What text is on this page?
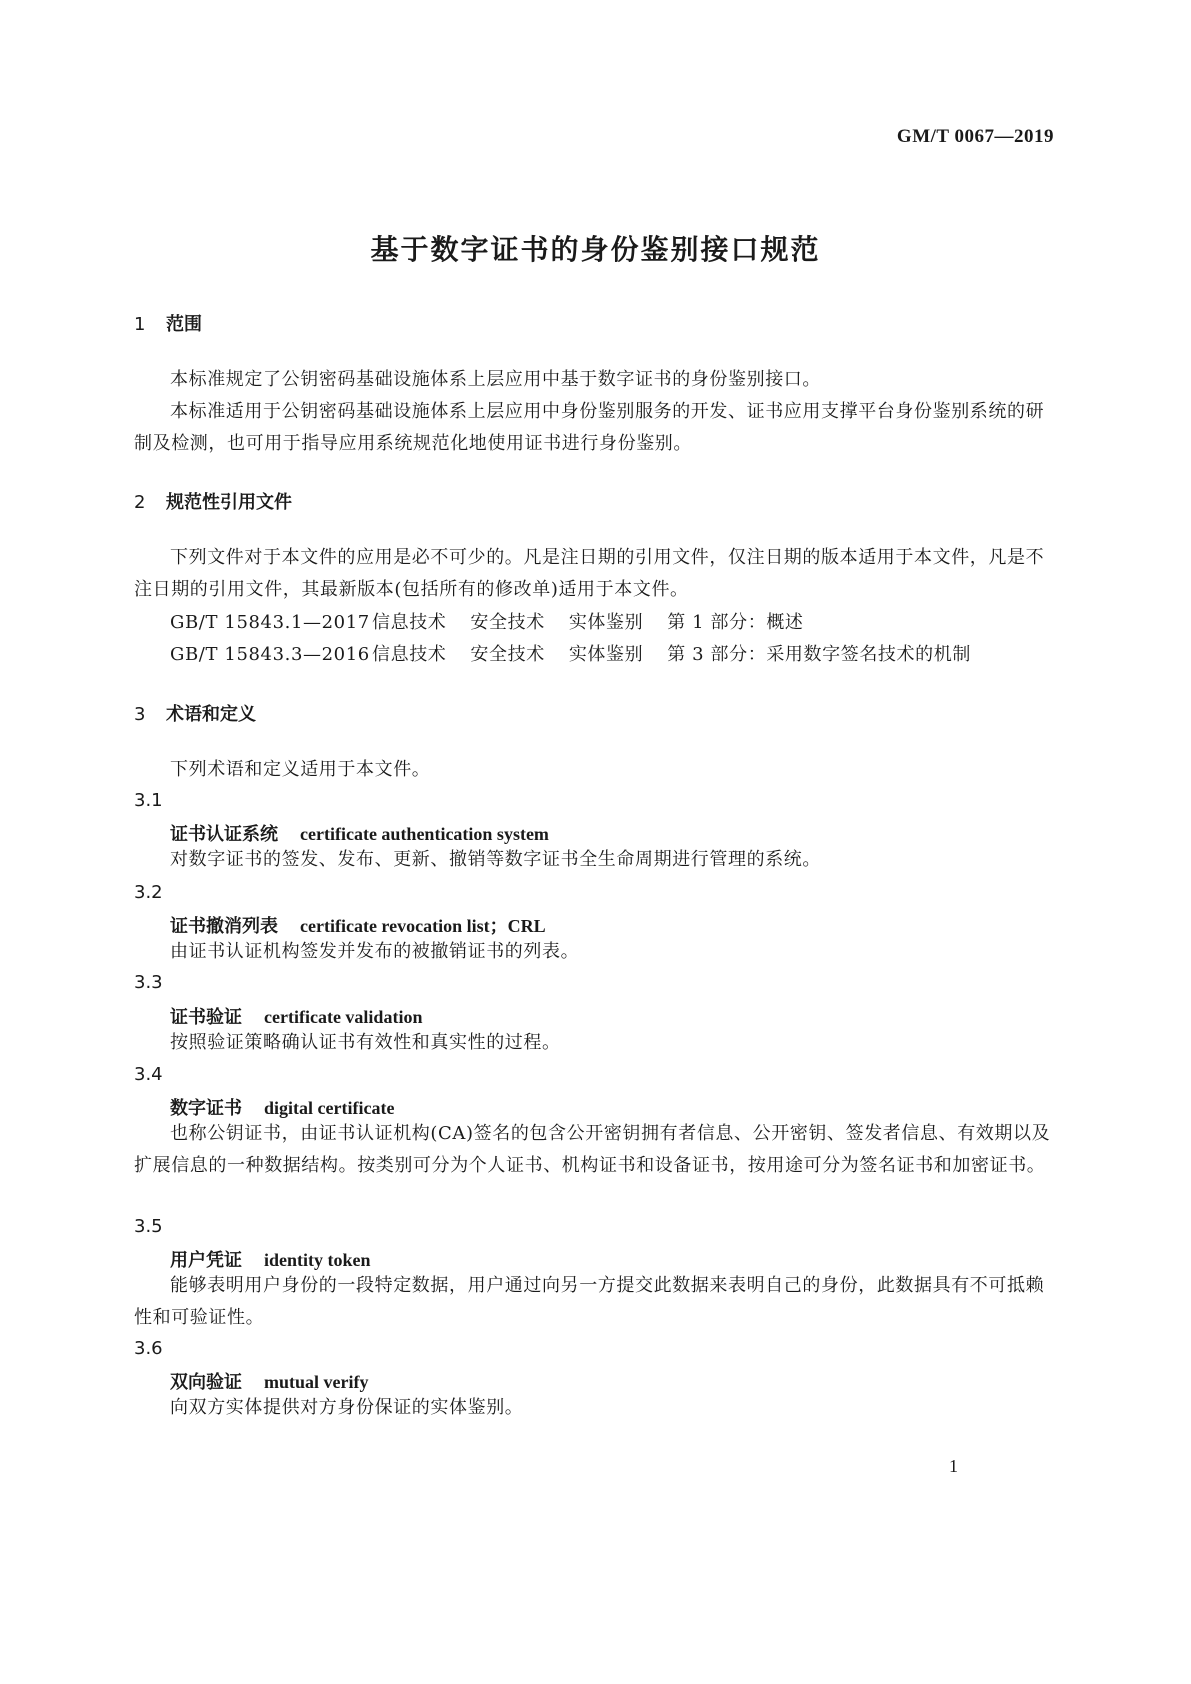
GM/T 0067—2019
基于数字证书的身份鉴别接口规范
1 范围

本标准规定了公钥密码基础设施体系上层应用中基于数字证书的身份鉴别接口。

本标准适用于公钥密码基础设施体系上层应用中身份鉴别服务的开发、证书应用支撑平台身份鉴别系统的研制及检测，也可用于指导应用系统规范化地使用证书进行身份鉴别。

2 规范性引用文件

下列文件对于本文件的应用是必不可少的。凡是注日期的引用文件，仅注日期的版本适用于本文件，凡是不注日期的引用文件，其最新版本(包括所有的修改单)适用于本文件。

GB/T 15843.1—2017 信息技术 安全技术 实体鉴别 第 1 部分：概述
GB/T 15843.3—2016 信息技术 安全技术 实体鉴别 第 3 部分：采用数字签名技术的机制
3 术语和定义

下列术语和定义适用于本文件。

3.1
证书认证系统 certificate authentication system

对数字证书的签发、发布、更新、撤销等数字证书全生命周期进行管理的系统。

3.2
证书撤消列表 certificate revocation list；CRL

由证书认证机构签发并发布的被撤销证书的列表。

3.3
证书验证 certificate validation

按照验证策略确认证书有效性和真实性的过程。

3.4
数字证书 digital certificate

也称公钥证书，由证书认证机构(CA)签名的包含公开密钥拥有者信息、公开密钥、签发者信息、有效期以及扩展信息的一种数据结构。按类别可分为个人证书、机构证书和设备证书，按用途可分为签名证书和加密证书。

3.5
用户凭证 identity token

能够表明用户身份的一段特定数据，用户通过向另一方提交此数据来表明自己的身份，此数据具有不可抵赖性和可验证性。

3.6
双向验证 mutual verify

向双方实体提供对方身份保证的实体鉴别。

1
